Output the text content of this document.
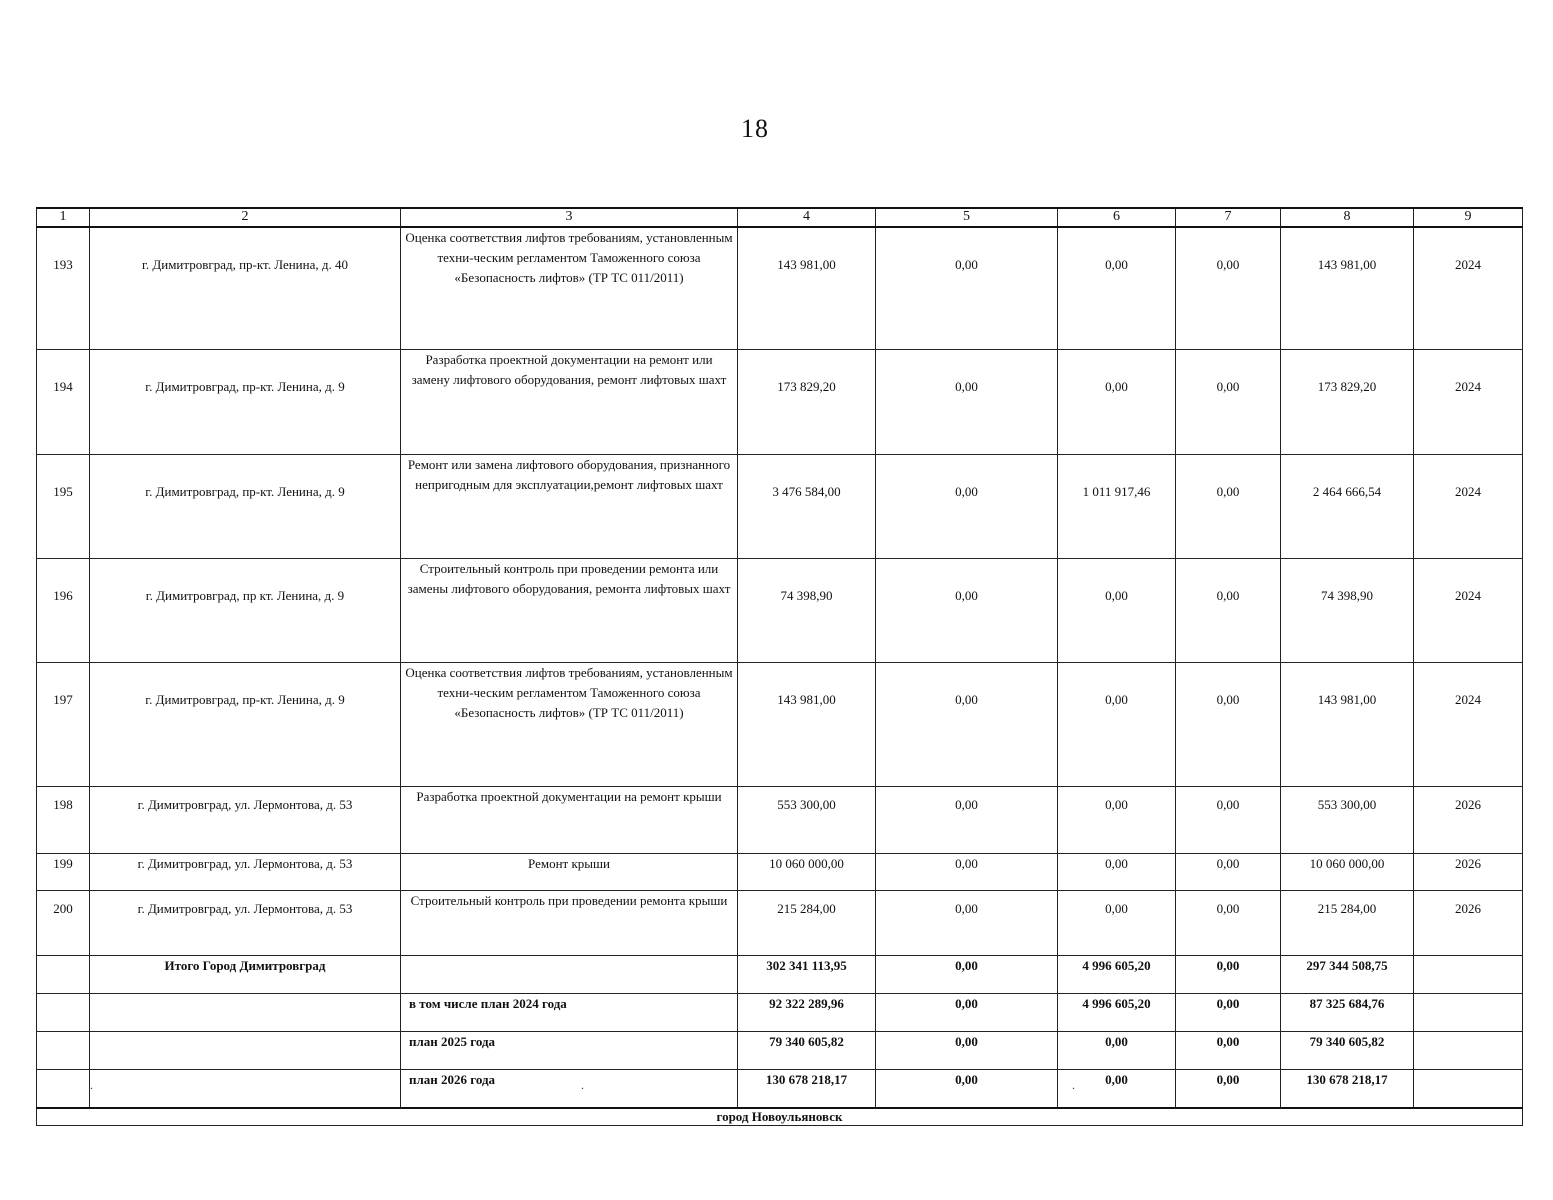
18
1	2	3	4	5	6	7	8	9
193	г. Димитровград, пр-кт. Ленина, д. 40	Оценка соответствия лифтов требованиям, установленным техни-ческим регламентом Таможенного союза «Безопасность лифтов» (ТР ТС 011/2011)	143 981,00	0,00	0,00	0,00	143 981,00	2024
194	г. Димитровград, пр-кт. Ленина, д. 9	Разработка проектной документации на ремонт или замену лифтового оборудования, ремонт лифтовых шахт	173 829,20	0,00	0,00	0,00	173 829,20	2024
195	г. Димитровград, пр-кт. Ленина, д. 9	Ремонт или замена лифтового оборудования, признанного непригодным для эксплуатации,ремонт лифтовых шахт	3 476 584,00	0,00	1 011 917,46	0,00	2 464 666,54	2024
196	г. Димитровград, пр кт. Ленина, д. 9	Строительный контроль при проведении ремонта или замены лифтового оборудования, ремонта лифтовых шахт	74 398,90	0,00	0,00	0,00	74 398,90	2024
197	г. Димитровград, пр-кт. Ленина, д. 9	Оценка соответствия лифтов требованиям, установленным техни-ческим регламентом Таможенного союза «Безопасность лифтов» (ТР ТС 011/2011)	143 981,00	0,00	0,00	0,00	143 981,00	2024
198	г. Димитровград, ул. Лермонтова, д. 53	Разработка проектной документации на ремонт крыши	553 300,00	0,00	0,00	0,00	553 300,00	2026
199	г. Димитровград, ул. Лермонтова, д. 53	Ремонт крыши	10 060 000,00	0,00	0,00	0,00	10 060 000,00	2026
200	г. Димитровград, ул. Лермонтова, д. 53	Строительный контроль при проведении ремонта крыши	215 284,00	0,00	0,00	0,00	215 284,00	2026
	Итого Город Димитровград		302 341 113,95	0,00	4 996 605,20	0,00	297 344 508,75	
		в том числе план 2024 года	92 322 289,96	0,00	4 996 605,20	0,00	87 325 684,76	
		план 2025 года	79 340 605,82	0,00	0,00	0,00	79 340 605,82	
		план 2026 года	130 678 218,17	0,00	0,00	0,00	130 678 218,17	
город Новоульяновск								
.	.	.
